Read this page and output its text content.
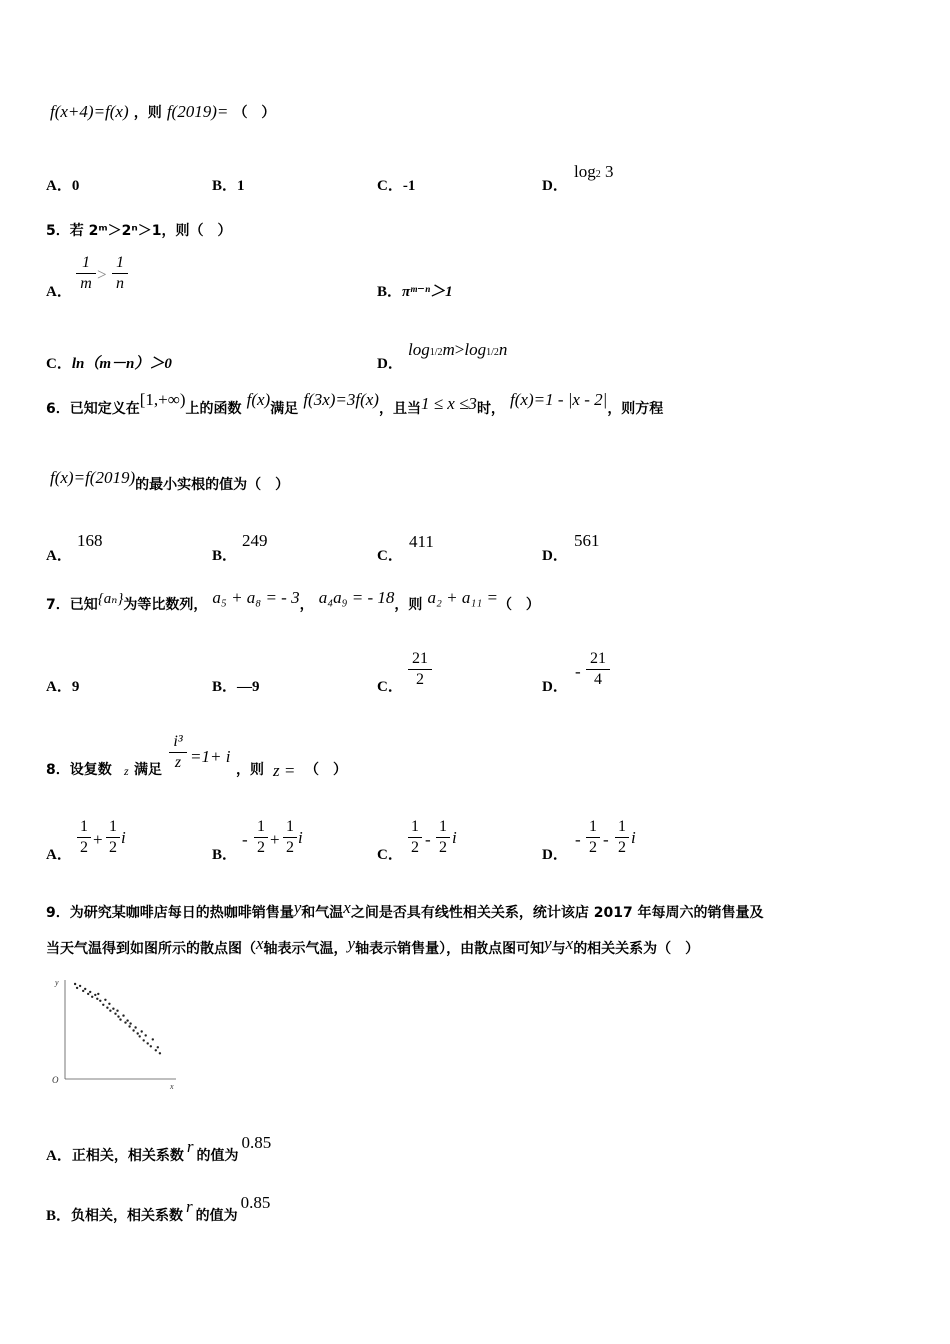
f(x+4)=f(x) ，则 f(2019)= （　）
A．0	B．1	C．-1	D．
log2 3
5．若 2ᵐ＞2ⁿ＞1，则（　）
A．
1
m >
1
n	B．πᵐ⁻ⁿ＞1
C．ln（m－n）＞0	D．
log1/2m>log1/2n
6．已知定义在[1,+∞)上的函数 f(x)满足 f(3x)=3f(x)，且当1 ≤ x ≤3时， f(x)=1 - |x - 2|，则方程
f(x)=f(2019)的最小实根的值为（　）
A．
168
B．
249
C．
411
D．
561
7．已知{aₙ}为等比数列， a₅ + a₈ = - 3， a₄a₉ = - 18，则 a₂ + a₁₁ =（　）
A．9	B．—9	C．
21
2	D．
-
21
4
8．设复数 z 满足
i³
z =1+ i
，则 z = （　）
A．
1
2 +
1
2
i
B．
-
1
2 +
1
2
i
C．
1
2 -
1
2
i
D．
-
1
2 -
1
2
i
9．为研究某咖啡店每日的热咖啡销售量y和气温x之间是否具有线性相关关系，统计该店 2017 年每周六的销售量及
当天气温得到如图所示的散点图（x轴表示气温，y轴表示销售量），由散点图可知y与x的相关关系为（　）
y
x
O
A．正相关，相关系数 r 的值为0.85
B．负相关，相关系数 r 的值为0.85
